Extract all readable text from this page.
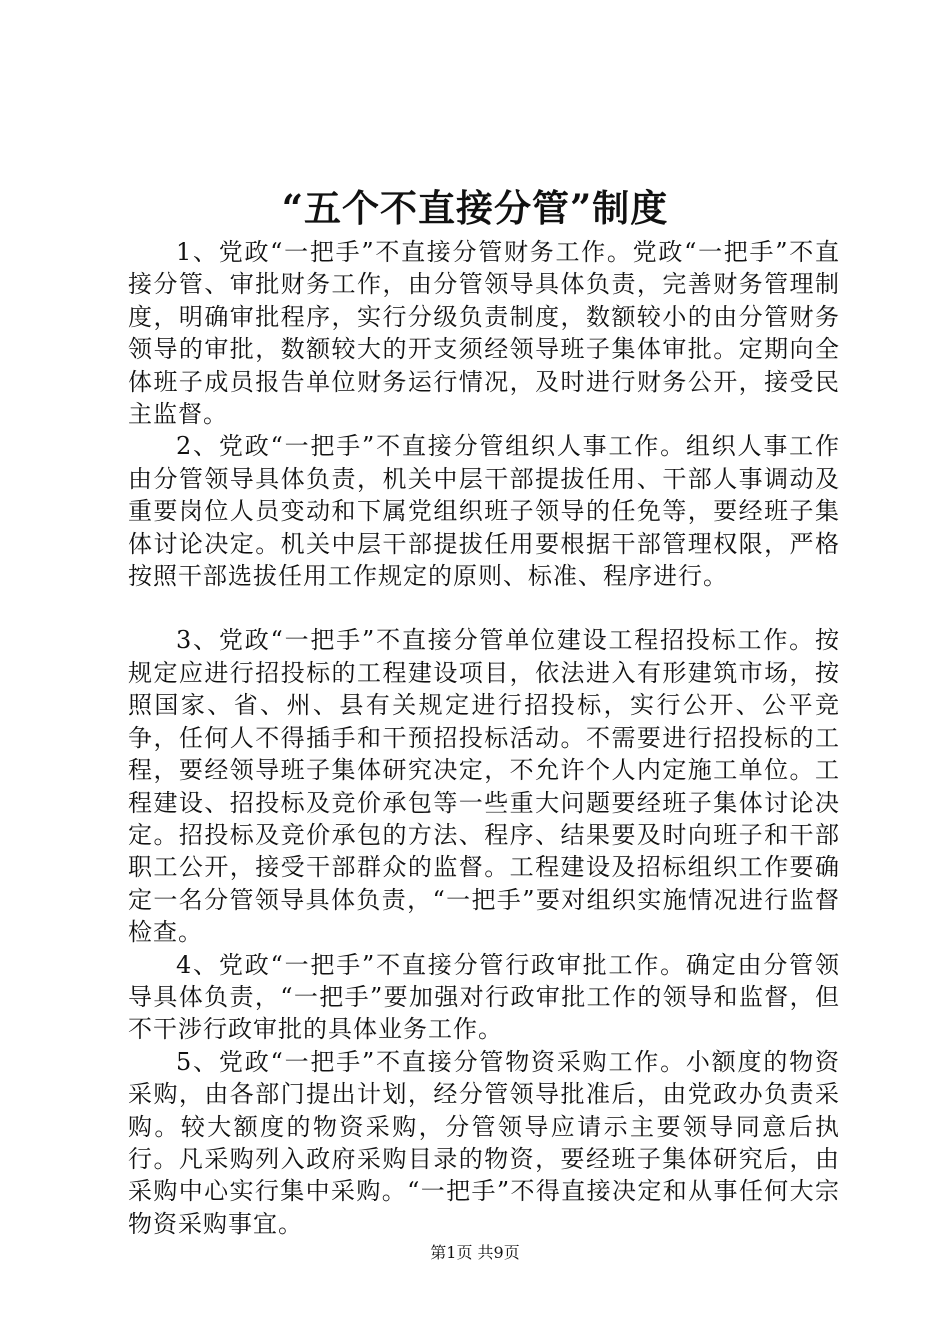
“五个不直接分管”制度

1、党政“一把手”不直接分管财务工作。党政“一把手”不直接分管、审批财务工作，由分管领导具体负责，完善财务管理制度，明确审批程序，实行分级负责制度，数额较小的由分管财务领导的审批，数额较大的开支须经领导班子集体审批。定期向全体班子成员报告单位财务运行情况，及时进行财务公开，接受民主监督。

2、党政“一把手”不直接分管组织人事工作。组织人事工作由分管领导具体负责，机关中层干部提拔任用、干部人事调动及重要岗位人员变动和下属党组织班子领导的任免等，要经班子集体讨论决定。机关中层干部提拔任用要根据干部管理权限，严格按照干部选拔任用工作规定的原则、标准、程序进行。

3、党政“一把手”不直接分管单位建设工程招投标工作。按规定应进行招投标的工程建设项目，依法进入有形建筑市场，按照国家、省、州、县有关规定进行招投标，实行公开、公平竞争，任何人不得插手和干预招投标活动。不需要进行招投标的工程，要经领导班子集体研究决定，不允许个人内定施工单位。工程建设、招投标及竞价承包等一些重大问题要经班子集体讨论决定。招投标及竞价承包的方法、程序、结果要及时向班子和干部职工公开，接受干部群众的监督。工程建设及招标组织工作要确定一名分管领导具体负责，“一把手”要对组织实施情况进行监督检查。

4、党政“一把手”不直接分管行政审批工作。确定由分管领导具体负责，“一把手”要加强对行政审批工作的领导和监督，但不干涉行政审批的具体业务工作。

5、党政“一把手”不直接分管物资采购工作。小额度的物资采购，由各部门提出计划，经分管领导批准后，由党政办负责采购。较大额度的物资采购，分管领导应请示主要领导同意后执行。凡采购列入政府采购目录的物资，要经班子集体研究后，由采购中心实行集中采购。“一把手”不得直接决定和从事任何大宗物资采购事宜。

第1页 共9页
